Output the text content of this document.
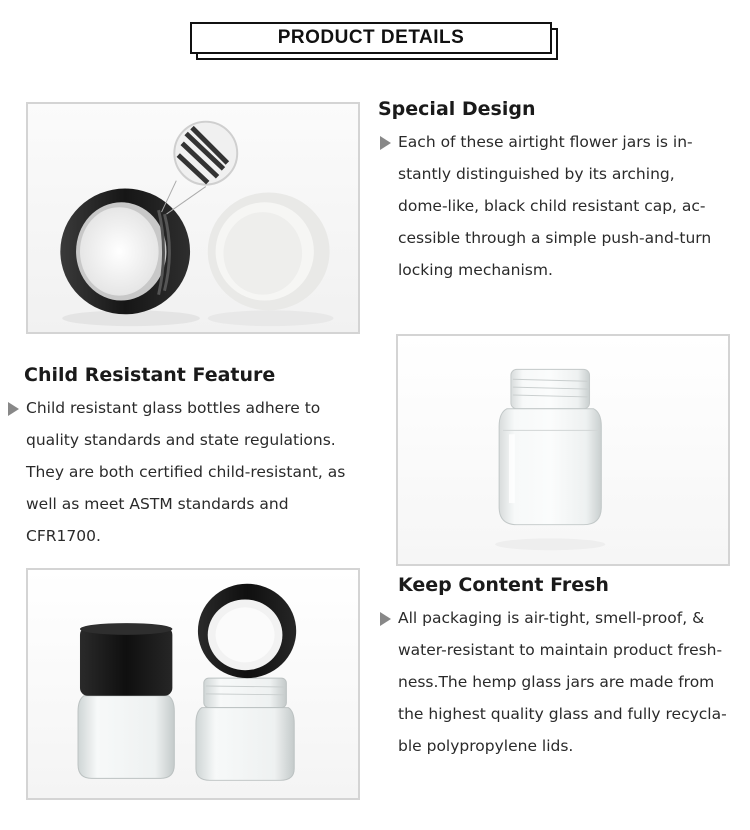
PRODUCT DETAILS
Special Design
Each of these airtight flower jars is in-
stantly distinguished by its arching,
dome-like, black child resistant cap, ac-
cessible through a simple push-and-turn
locking mechanism.
Child Resistant Feature
Child resistant glass bottles adhere to
quality standards and state regulations.
They are both certified child-resistant, as
well as meet ASTM standards and
CFR1700.
Keep Content Fresh
All packaging is air-tight, smell-proof, &
water-resistant to maintain product fresh-
ness.The hemp glass jars are made from
the highest quality glass and fully recycla-
ble polypropylene lids.
